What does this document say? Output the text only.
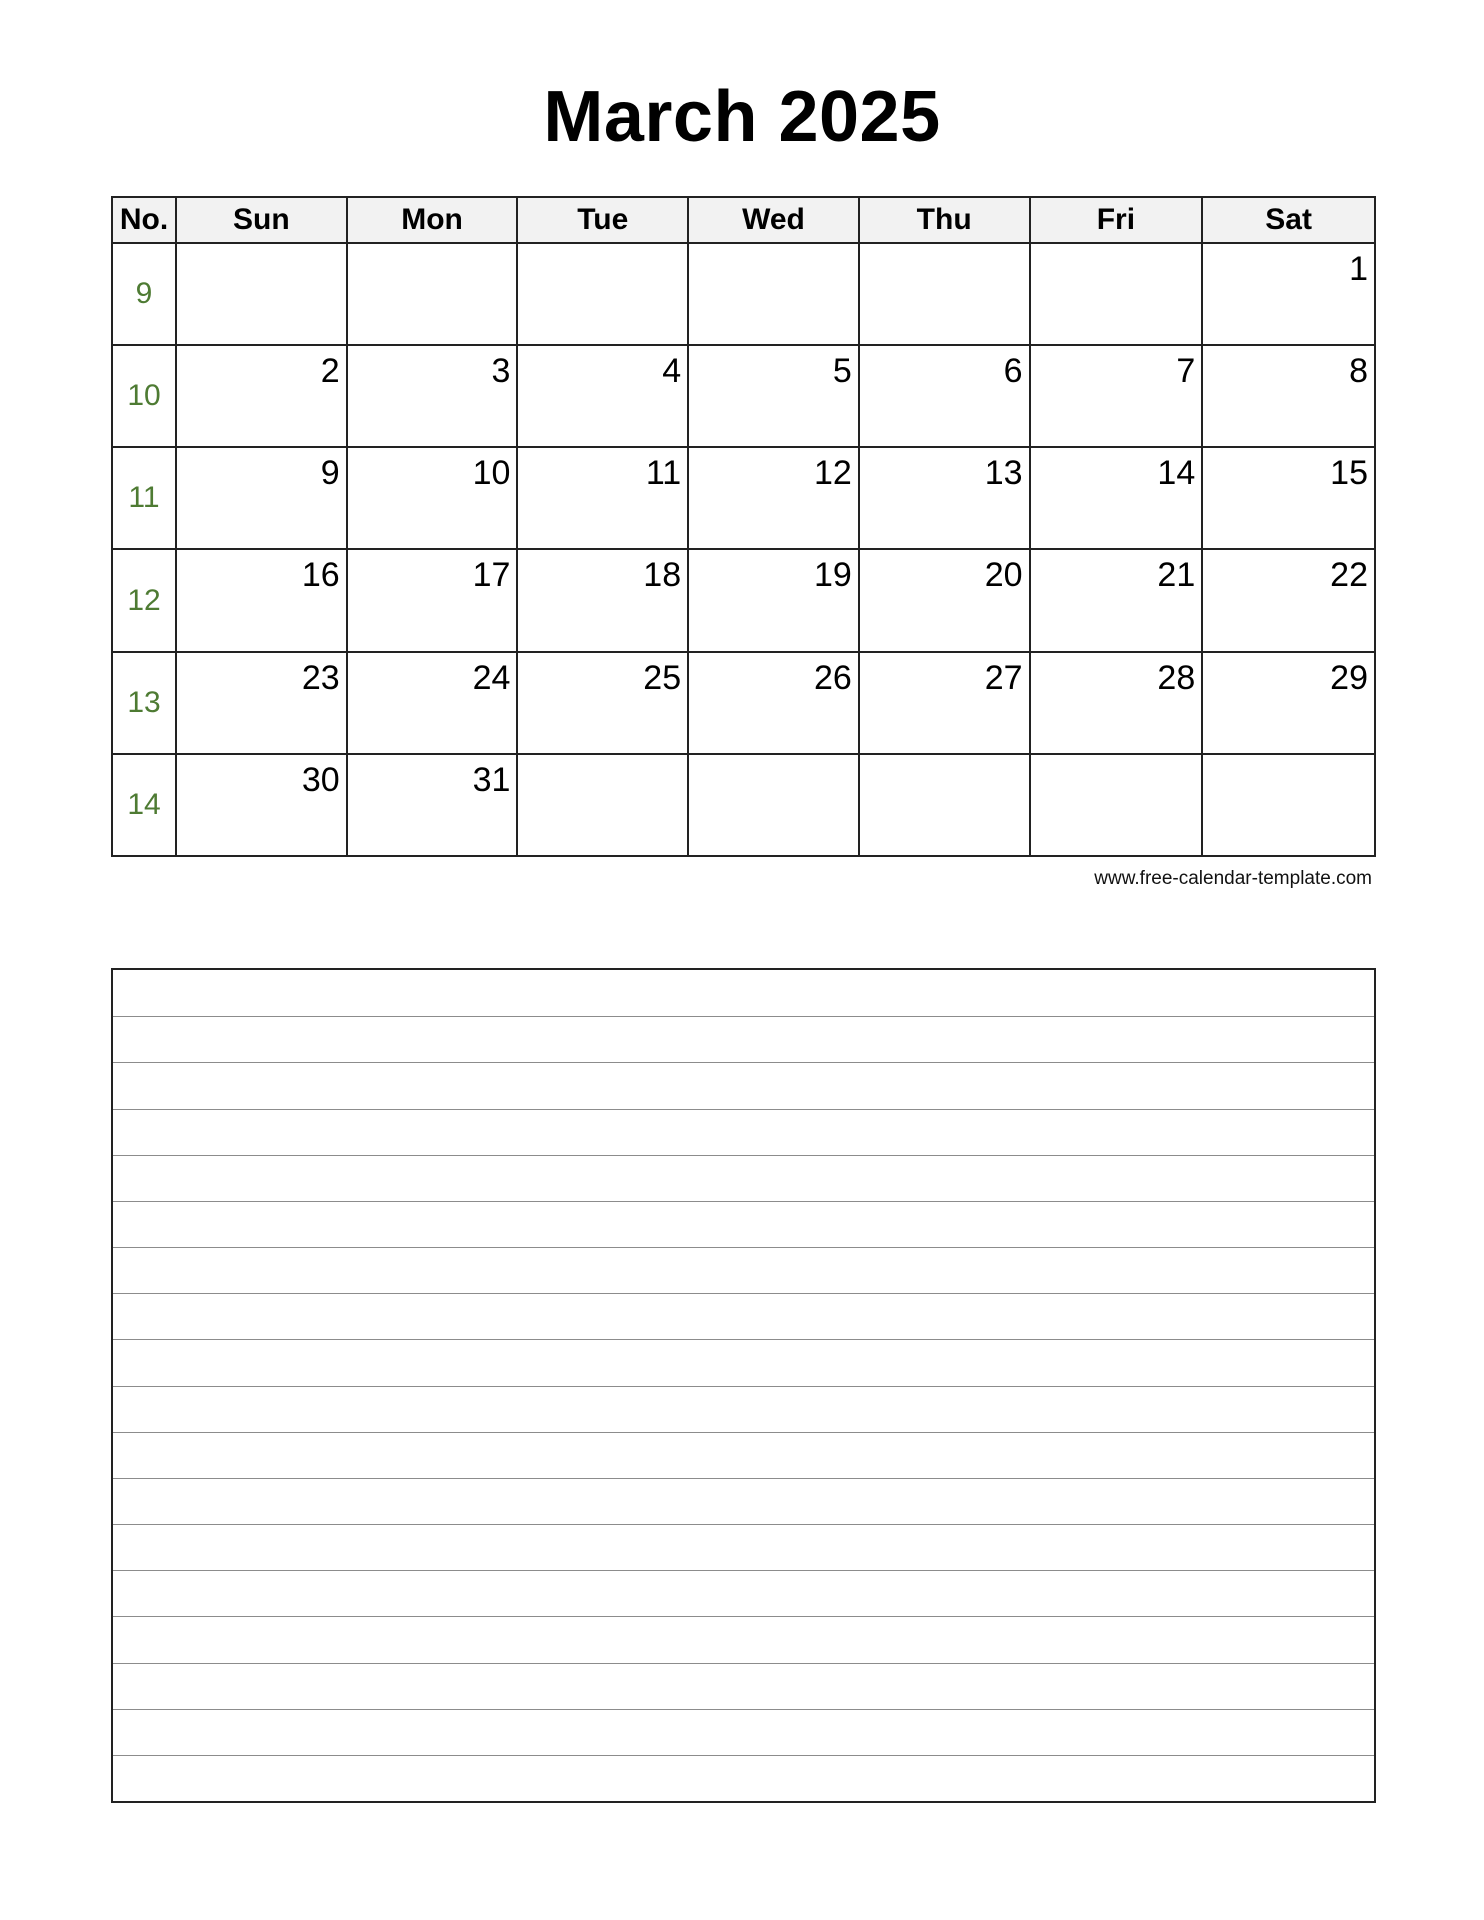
March 2025
No.	Sun	Mon	Tue	Wed	Thu	Fri	Sat
9							1

10	2	3	4	5	6	7	8

11	9	10	11	12	13	14	15

12	16	17	18	19	20	21	22

13	23	24	25	26	27	28	29

14	30	31					

www.free-calendar-template.com
